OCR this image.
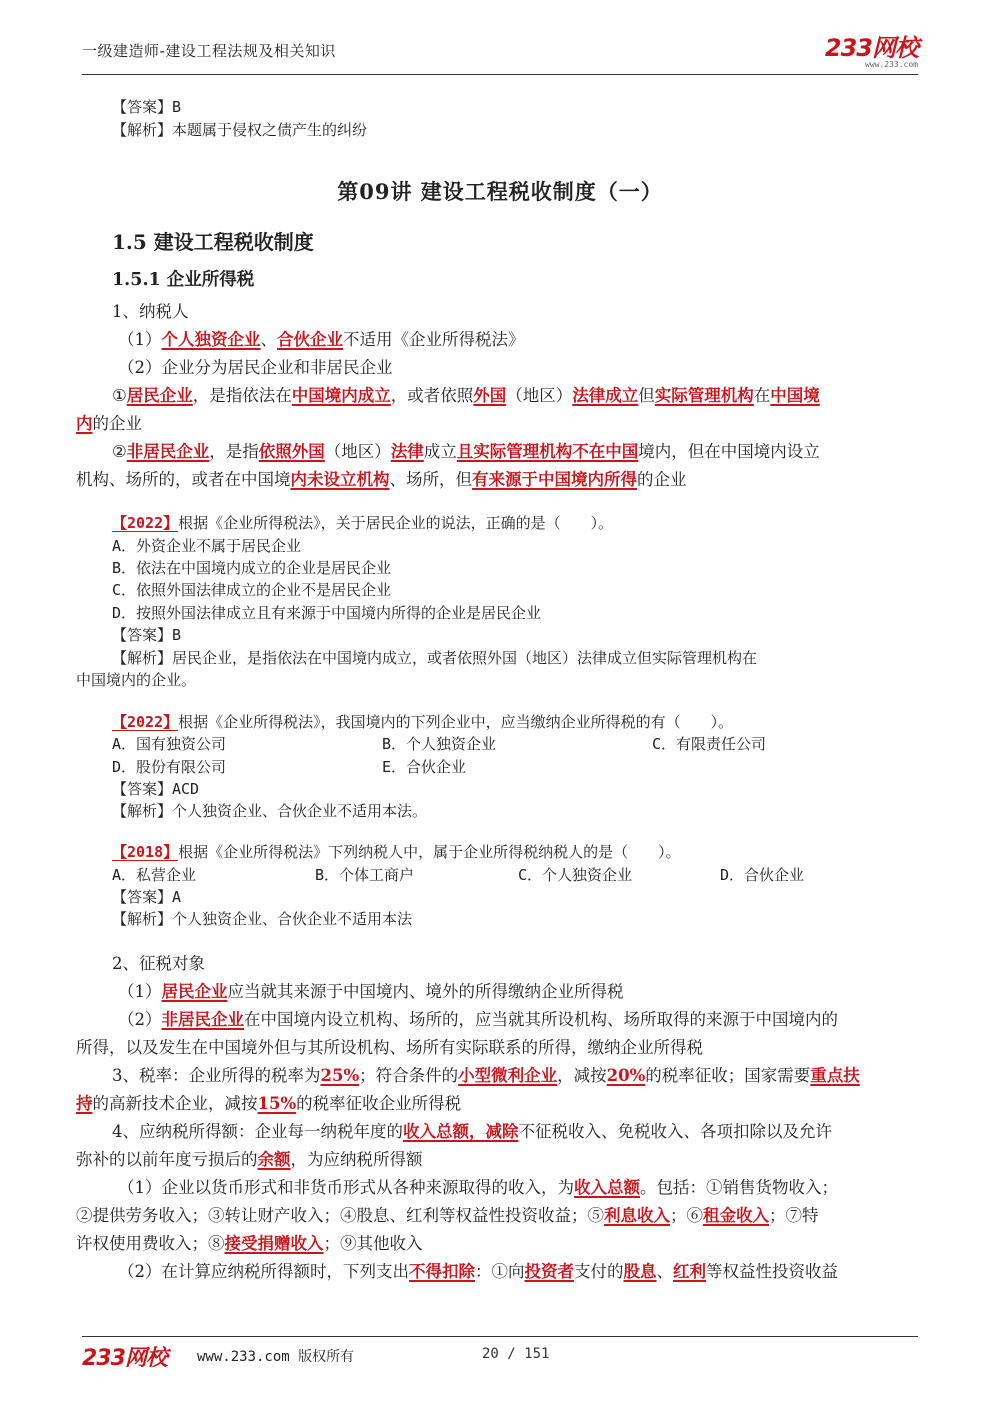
一级建造师-建设工程法规及相关知识	233网校
www.233.com
【答案】B
【解析】本题属于侵权之债产生的纠纷
第09讲 建设工程税收制度（一）
1.5 建设工程税收制度
1.5.1 企业所得税
1、纳税人
（1）个人独资企业、合伙企业不适用《企业所得税法》
（2）企业分为居民企业和非居民企业
①居民企业，是指依法在中国境内成立，或者依照外国（地区）法律成立但实际管理机构在中国境
内的企业
②非居民企业，是指依照外国（地区）法律成立且实际管理机构不在中国境内，但在中国境内设立
机构、场所的，或者在中国境内未设立机构、场所，但有来源于中国境内所得的企业
【2022】根据《企业所得税法》，关于居民企业的说法，正确的是（　　）。
A．外资企业不属于居民企业
B．依法在中国境内成立的企业是居民企业
C．依照外国法律成立的企业不是居民企业
D．按照外国法律成立且有来源于中国境内所得的企业是居民企业
【答案】B
【解析】居民企业，是指依法在中国境内成立，或者依照外国（地区）法律成立但实际管理机构在
中国境内的企业。
【2022】根据《企业所得税法》，我国境内的下列企业中，应当缴纳企业所得税的有（　　）。
A．国有独资公司	B．个人独资企业	C．有限责任公司
D．股份有限公司	E．合伙企业
【答案】ACD
【解析】个人独资企业、合伙企业不适用本法。
【2018】根据《企业所得税法》下列纳税人中，属于企业所得税纳税人的是（　　）。
A．私营企业	B．个体工商户	C．个人独资企业	D．合伙企业
【答案】A
【解析】个人独资企业、合伙企业不适用本法
2、征税对象
（1）居民企业应当就其来源于中国境内、境外的所得缴纳企业所得税
（2）非居民企业在中国境内设立机构、场所的，应当就其所设机构、场所取得的来源于中国境内的
所得，以及发生在中国境外但与其所设机构、场所有实际联系的所得，缴纳企业所得税
3、税率：企业所得的税率为25%；符合条件的小型微利企业，减按20%的税率征收；国家需要重点扶
持的高新技术企业，减按15%的税率征收企业所得税
4、应纳税所得额：企业每一纳税年度的收入总额，减除不征税收入、免税收入、各项扣除以及允许
弥补的以前年度亏损后的余额，为应纳税所得额
（1）企业以货币形式和非货币形式从各种来源取得的收入，为收入总额。包括：①销售货物收入；
②提供劳务收入；③转让财产收入；④股息、红利等权益性投资收益；⑤利息收入；⑥租金收入；⑦特
许权使用费收入；⑧接受捐赠收入；⑨其他收入
（2）在计算应纳税所得额时，下列支出不得扣除：①向投资者支付的股息、红利等权益性投资收益
233网校 www.233.com 版权所有	20 / 151
